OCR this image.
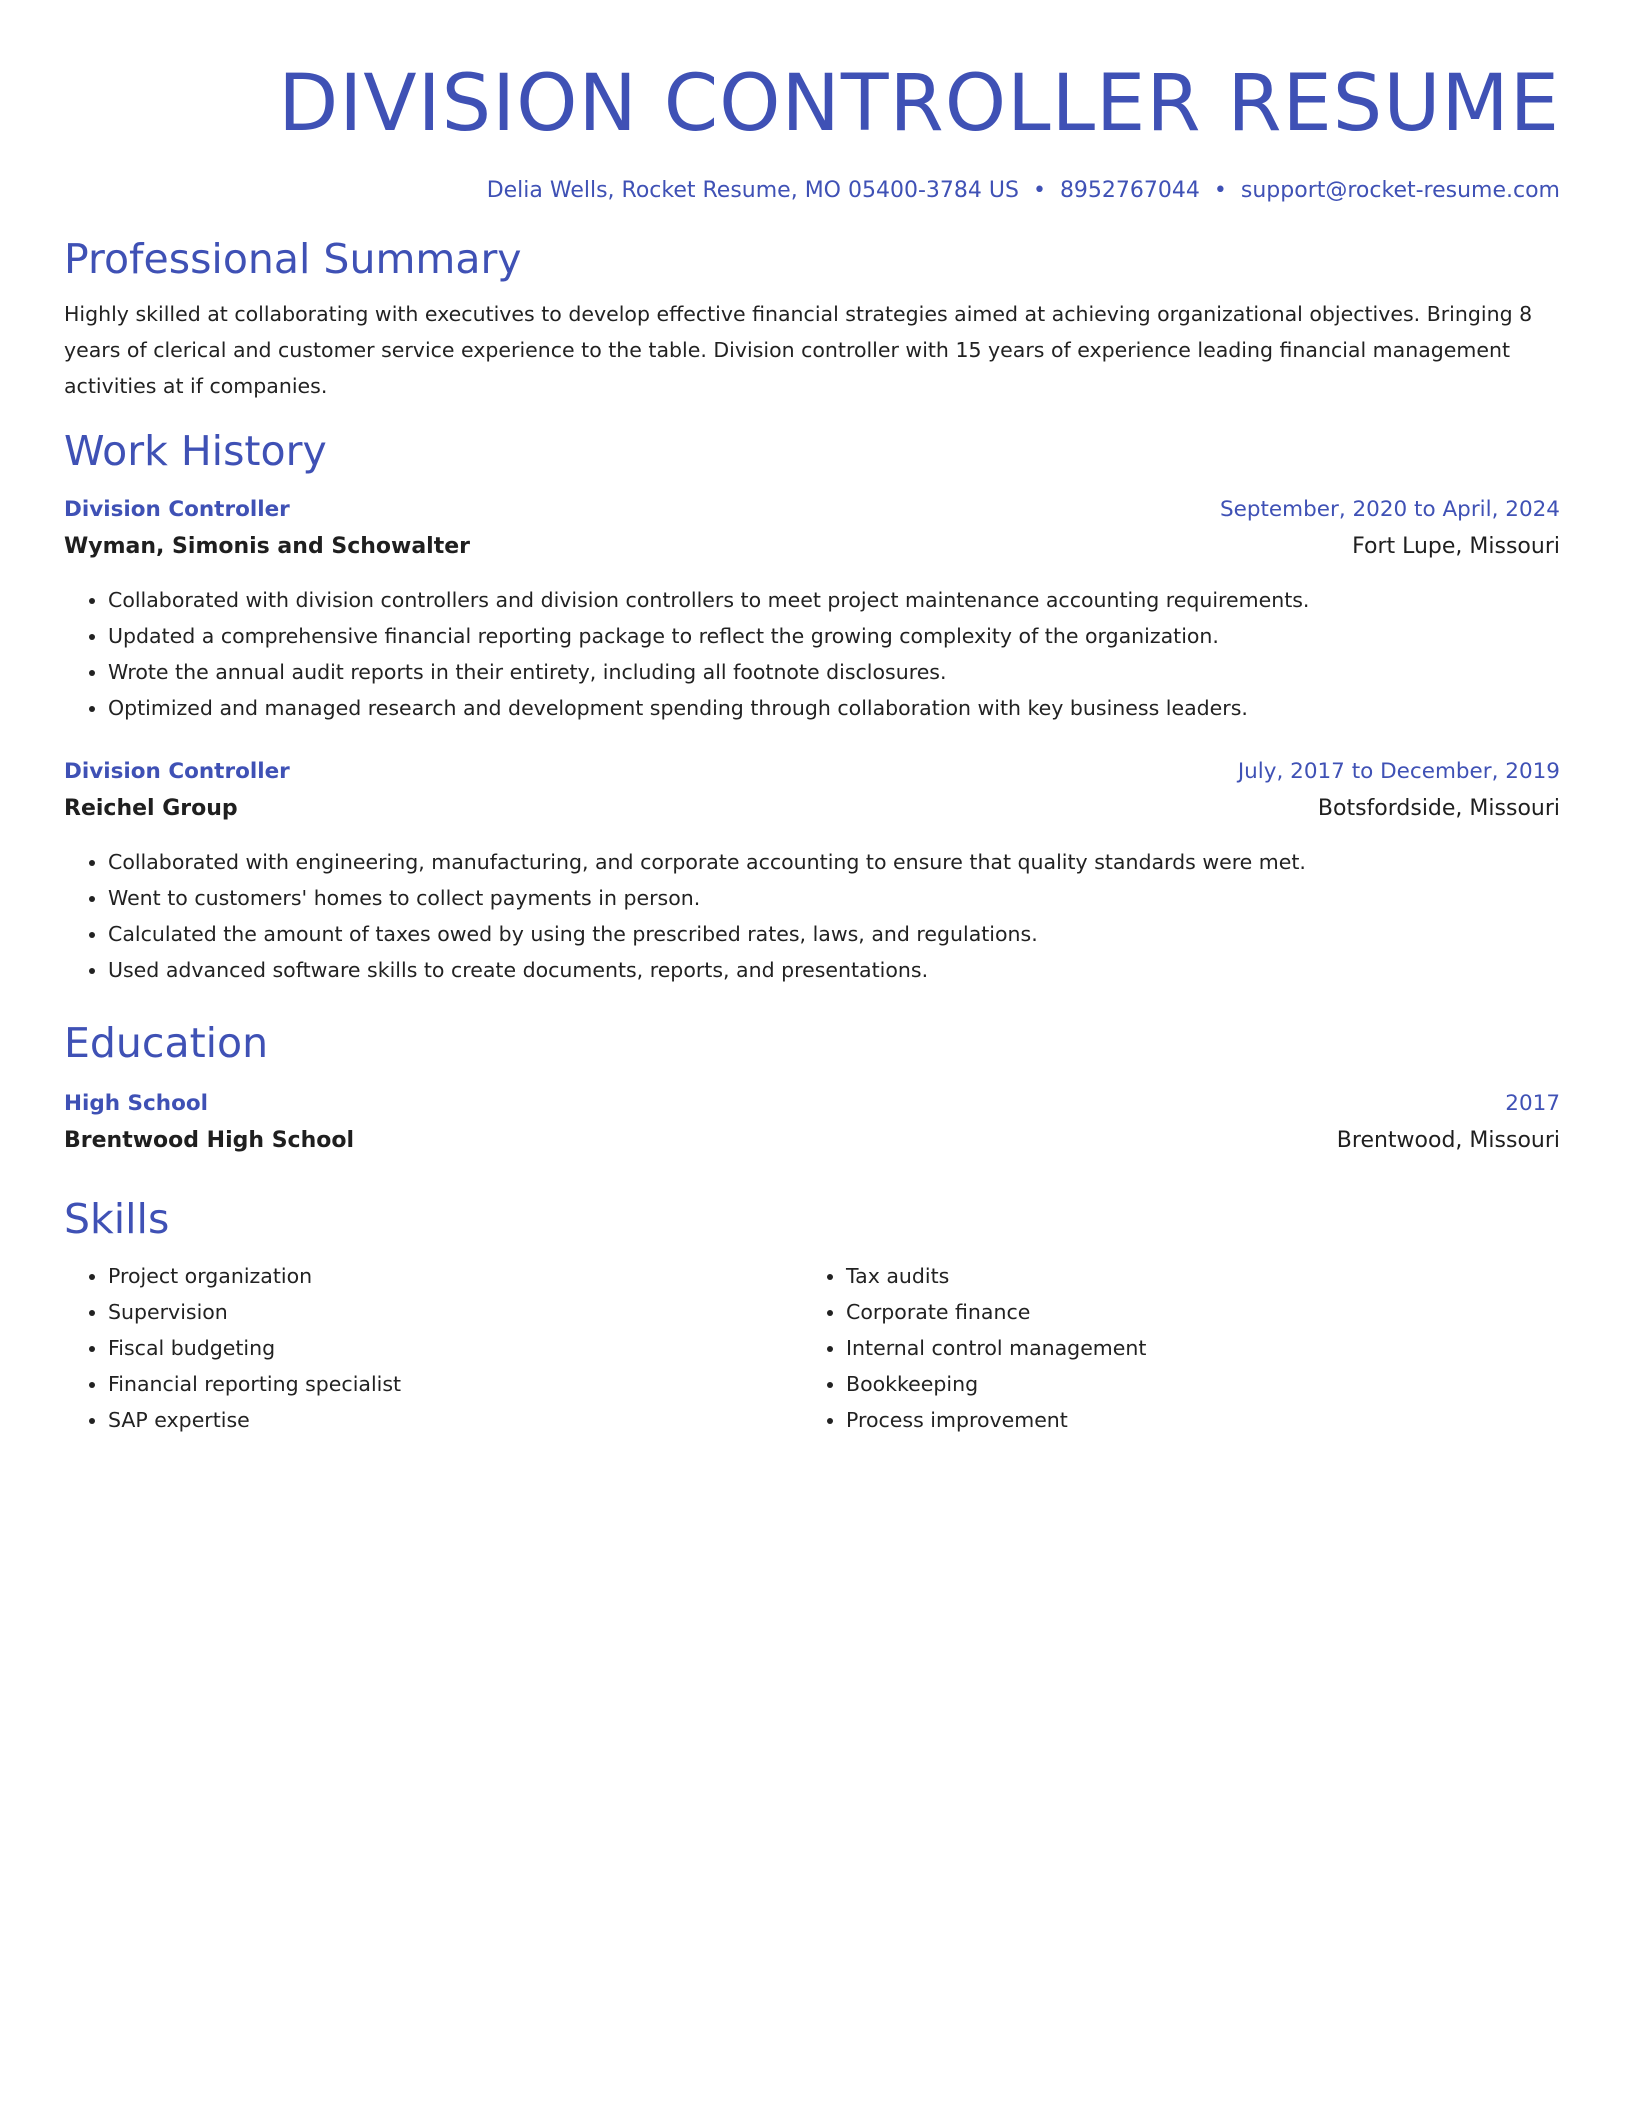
DIVISION CONTROLLER RESUME
Delia Wells, Rocket Resume, MO 05400-3784 US • 8952767044 • support@rocket-resume.com
Professional Summary
Highly skilled at collaborating with executives to develop effective financial strategies aimed at achieving organizational objectives. Bringing 8 years of clerical and customer service experience to the table. Division controller with 15 years of experience leading financial management activities at if companies.
Work History
Division Controller	September, 2020 to April, 2024
Wyman, Simonis and Schowalter	Fort Lupe, Missouri
• Collaborated with division controllers and division controllers to meet project maintenance accounting requirements.
• Updated a comprehensive financial reporting package to reflect the growing complexity of the organization.
• Wrote the annual audit reports in their entirety, including all footnote disclosures.
• Optimized and managed research and development spending through collaboration with key business leaders.
Division Controller	July, 2017 to December, 2019
Reichel Group	Botsfordside, Missouri
• Collaborated with engineering, manufacturing, and corporate accounting to ensure that quality standards were met.
• Went to customers' homes to collect payments in person.
• Calculated the amount of taxes owed by using the prescribed rates, laws, and regulations.
• Used advanced software skills to create documents, reports, and presentations.
Education
High School	2017
Brentwood High School	Brentwood, Missouri
Skills
• Project organization
• Supervision
• Fiscal budgeting
• Financial reporting specialist
• SAP expertise
• Tax audits
• Corporate finance
• Internal control management
• Bookkeeping
• Process improvement
